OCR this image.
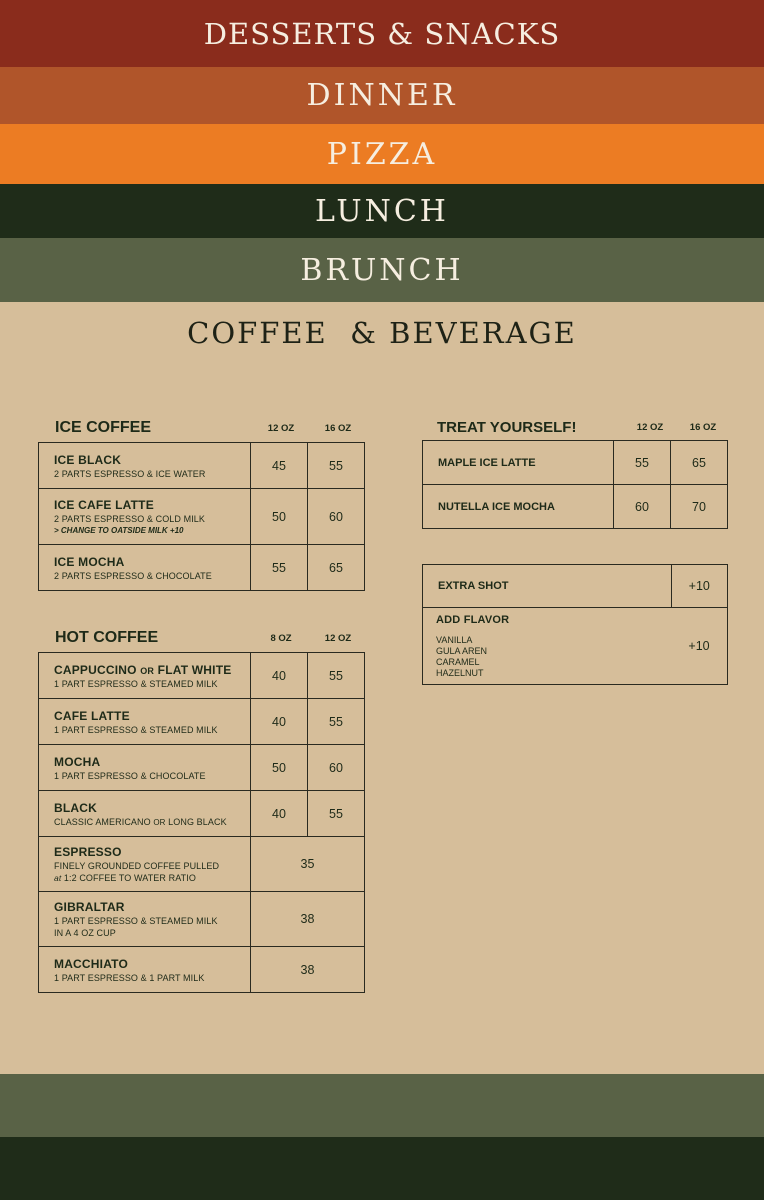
DESSERTS & SNACKS
DINNER
PIZZA
LUNCH
BRUNCH
COFFEE  & BEVERAGE
ICE COFFEE	12 OZ	16 OZ
ICE BLACK
2 PARTS ESPRESSO & ICE WATER	45	55

ICE CAFE LATTE
2 PARTS ESPRESSO & COLD MILK
> CHANGE TO OATSIDE MILK +10	50	60

ICE MOCHA
2 PARTS ESPRESSO & CHOCOLATE	55	65
HOT COFFEE	8 OZ	12 OZ
CAPPUCCINO OR FLAT WHITE
1 PART ESPRESSO & STEAMED MILK	40	55

CAFE LATTE
1 PART ESPRESSO & STEAMED MILK	40	55

MOCHA
1 PART ESPRESSO & CHOCOLATE	50	60

BLACK
CLASSIC AMERICANO OR LONG BLACK	40	55

ESPRESSO
FINELY GROUNDED COFFEE PULLED
at 1:2 COFFEE TO WATER RATIO	35	

GIBRALTAR
1 PART ESPRESSO & STEAMED MILK
IN A 4 OZ CUP	38	

MACCHIATO
1 PART ESPRESSO & 1 PART MILK	38	
TREAT YOURSELF!	12 OZ	16 OZ
MAPLE ICE LATTE	55	65
NUTELLA ICE MOCHA	60	70
EXTRA SHOT	+10

ADD FLAVOR
VANILLA
GULA AREN
CARAMEL
HAZELNUT	+10
